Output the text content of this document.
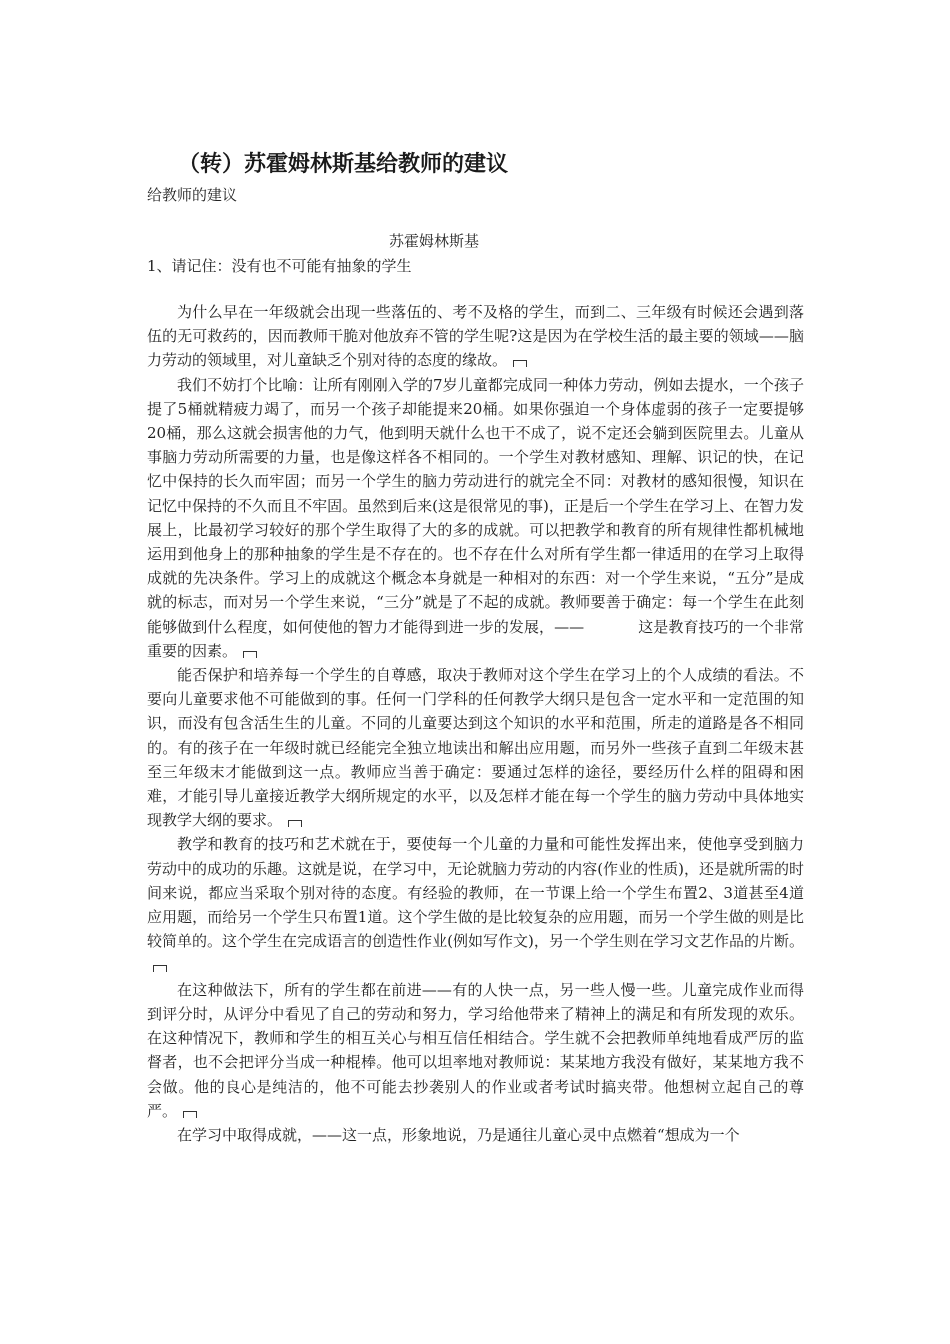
（转）苏霍姆林斯基给教师的建议
给教师的建议
苏霍姆林斯基
1、请记住：没有也不可能有抽象的学生

为什么早在一年级就会出现一些落伍的、考不及格的学生，而到二、三年级有时候还会遇到落伍的无可救药的，因而教师干脆对他放弃不管的学生呢?这是因为在学校生活的最主要的领域——脑力劳动的领域里，对儿童缺乏个别对待的态度的缘故。

我们不妨打个比喻：让所有刚刚入学的7岁儿童都完成同一种体力劳动，例如去提水，一个孩子提了5桶就精疲力竭了，而另一个孩子却能提来20桶。如果你强迫一个身体虚弱的孩子一定要提够20桶，那么这就会损害他的力气，他到明天就什么也干不成了，说不定还会躺到医院里去。儿童从事脑力劳动所需要的力量，也是像这样各不相同的。一个学生对教材感知、理解、识记的快，在记忆中保持的长久而牢固；而另一个学生的脑力劳动进行的就完全不同：对教材的感知很慢，知识在记忆中保持的不久而且不牢固。虽然到后来(这是很常见的事)，正是后一个学生在学习上、在智力发展上，比最初学习较好的那个学生取得了大的多的成就。可以把教学和教育的所有规律性都机械地运用到他身上的那种抽象的学生是不存在的。也不存在什么对所有学生都一律适用的在学习上取得成就的先决条件。学习上的成就这个概念本身就是一种相对的东西：对一个学生来说，“五分”是成就的标志，而对另一个学生来说，“三分”就是了不起的成就。教师要善于确定：每一个学生在此刻能够做到什么程度，如何使他的智力才能得到进一步的发展，——	这是教育技巧的一个非常重要的因素。

能否保护和培养每一个学生的自尊感，取决于教师对这个学生在学习上的个人成绩的看法。不要向儿童要求他不可能做到的事。任何一门学科的任何教学大纲只是包含一定水平和一定范围的知识，而没有包含活生生的儿童。不同的儿童要达到这个知识的水平和范围，所走的道路是各不相同的。有的孩子在一年级时就已经能完全独立地读出和解出应用题，而另外一些孩子直到二年级末甚至三年级末才能做到这一点。教师应当善于确定：要通过怎样的途径，要经历什么样的阻碍和困难，才能引导儿童接近教学大纲所规定的水平，以及怎样才能在每一个学生的脑力劳动中具体地实现教学大纲的要求。

教学和教育的技巧和艺术就在于，要使每一个儿童的力量和可能性发挥出来，使他享受到脑力劳动中的成功的乐趣。这就是说，在学习中，无论就脑力劳动的内容(作业的性质)，还是就所需的时间来说，都应当采取个别对待的态度。有经验的教师，在一节课上给一个学生布置2、3道甚至4道应用题，而给另一个学生只布置1道。这个学生做的是比较复杂的应用题，而另一个学生做的则是比较简单的。这个学生在完成语言的创造性作业(例如写作文)，另一个学生则在学习文艺作品的片断。

在这种做法下，所有的学生都在前进——有的人快一点，另一些人慢一些。儿童完成作业而得到评分时，从评分中看见了自己的劳动和努力，学习给他带来了精神上的满足和有所发现的欢乐。在这种情况下，教师和学生的相互关心与相互信任相结合。学生就不会把教师单纯地看成严厉的监督者，也不会把评分当成一种棍棒。他可以坦率地对教师说：某某地方我没有做好，某某地方我不会做。他的良心是纯洁的，他不可能去抄袭别人的作业或者考试时搞夹带。他想树立起自己的尊严。

在学习中取得成就，——这一点，形象地说，乃是通往儿童心灵中点燃着“想成为一个
